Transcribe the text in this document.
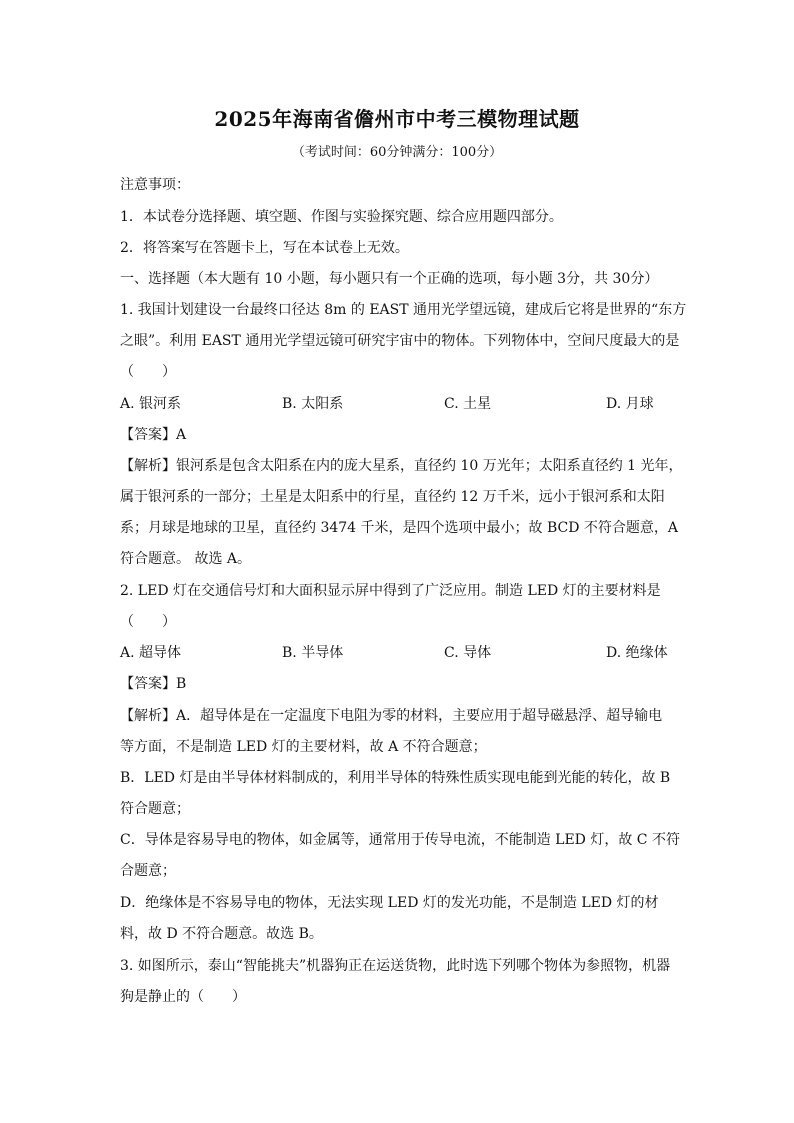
2025年海南省儋州市中考三模物理试题
（考试时间：60分钟满分：100分）
注意事项：
1．本试卷分选择题、填空题、作图与实验探究题、综合应用题四部分。
2．将答案写在答题卡上，写在本试卷上无效。
一、选择题（本大题有 10 小题，每小题只有一个正确的选项，每小题 3分，共 30分）
1. 我国计划建设一台最终口径达 8m 的 EAST 通用光学望远镜，建成后它将是世界的“东方
之眼”。利用 EAST 通用光学望远镜可研究宇宙中的物体。下列物体中，空间尺度最大的是
（　　）
A. 银河系	B. 太阳系	C. 土星	D. 月球
【答案】A
【解析】银河系是包含太阳系在内的庞大星系，直径约 10 万光年；太阳系直径约 1 光年，
属于银河系的一部分；土星是太阳系中的行星，直径约 12 万千米，远小于银河系和太阳
系；月球是地球的卫星，直径约 3474 千米，是四个选项中最小；故 BCD 不符合题意，A
符合题意。 故选 A。
2. LED 灯在交通信号灯和大面积显示屏中得到了广泛应用。制造 LED 灯的主要材料是
（　　）
A. 超导体	B. 半导体	C. 导体	D. 绝缘体
【答案】B
【解析】A．超导体是在一定温度下电阻为零的材料，主要应用于超导磁悬浮、超导输电
等方面，不是制造 LED 灯的主要材料，故 A 不符合题意；
B．LED 灯是由半导体材料制成的，利用半导体的特殊性质实现电能到光能的转化，故 B
符合题意；
C．导体是容易导电的物体，如金属等，通常用于传导电流，不能制造 LED 灯，故 C 不符
合题意；
D．绝缘体是不容易导电的物体，无法实现 LED 灯的发光功能，不是制造 LED 灯的材
料，故 D 不符合题意。故选 B。
3. 如图所示，泰山“智能挑夫”机器狗正在运送货物，此时选下列哪个物体为参照物，机器
狗是静止的（　　）
